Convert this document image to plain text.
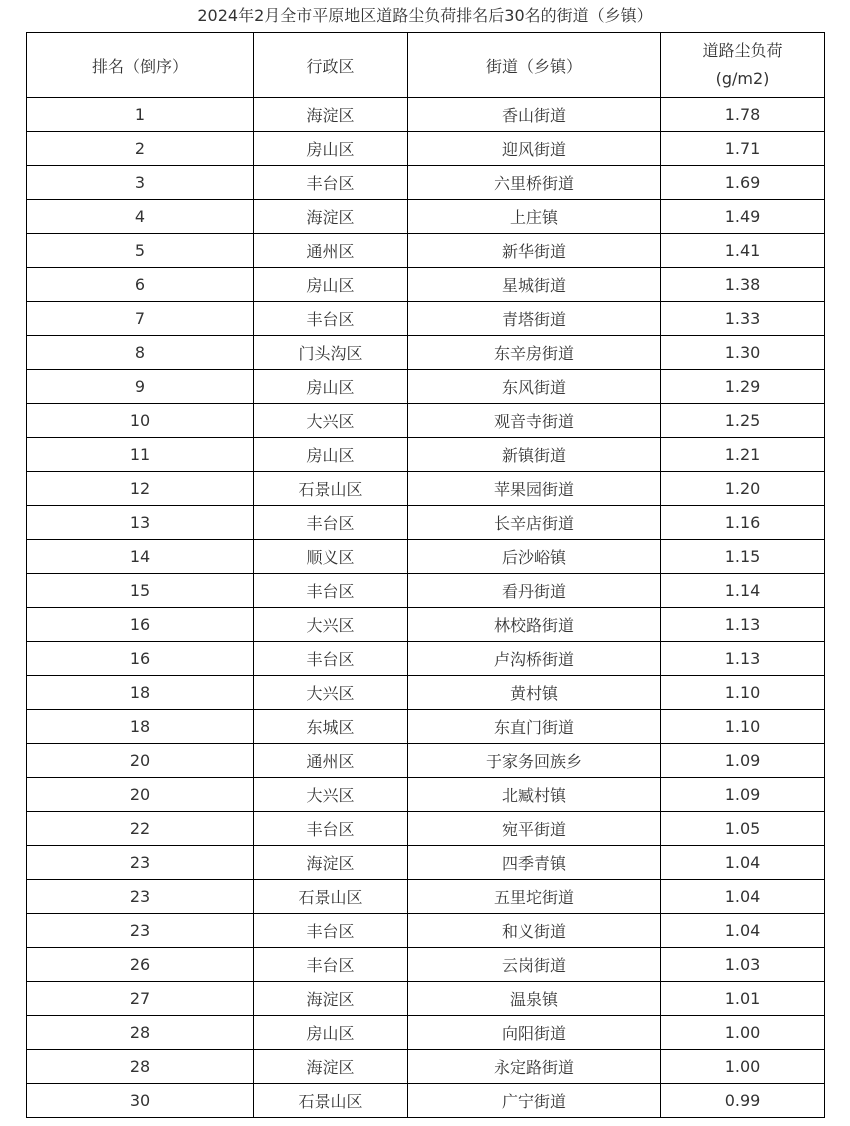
2024年2月全市平原地区道路尘负荷排名后30名的街道（乡镇）
排名（倒序）	行政区	街道（乡镇）	道路尘负荷
(g/m2)

1	海淀区	香山街道	1.78
2	房山区	迎风街道	1.71
3	丰台区	六里桥街道	1.69
4	海淀区	上庄镇	1.49
5	通州区	新华街道	1.41
6	房山区	星城街道	1.38
7	丰台区	青塔街道	1.33
8	门头沟区	东辛房街道	1.30
9	房山区	东风街道	1.29
10	大兴区	观音寺街道	1.25
11	房山区	新镇街道	1.21
12	石景山区	苹果园街道	1.20
13	丰台区	长辛店街道	1.16
14	顺义区	后沙峪镇	1.15
15	丰台区	看丹街道	1.14
16	大兴区	林校路街道	1.13
16	丰台区	卢沟桥街道	1.13
18	大兴区	黄村镇	1.10
18	东城区	东直门街道	1.10
20	通州区	于家务回族乡	1.09
20	大兴区	北臧村镇	1.09
22	丰台区	宛平街道	1.05
23	海淀区	四季青镇	1.04
23	石景山区	五里坨街道	1.04
23	丰台区	和义街道	1.04
26	丰台区	云岗街道	1.03
27	海淀区	温泉镇	1.01
28	房山区	向阳街道	1.00
28	海淀区	永定路街道	1.00
30	石景山区	广宁街道	0.99
